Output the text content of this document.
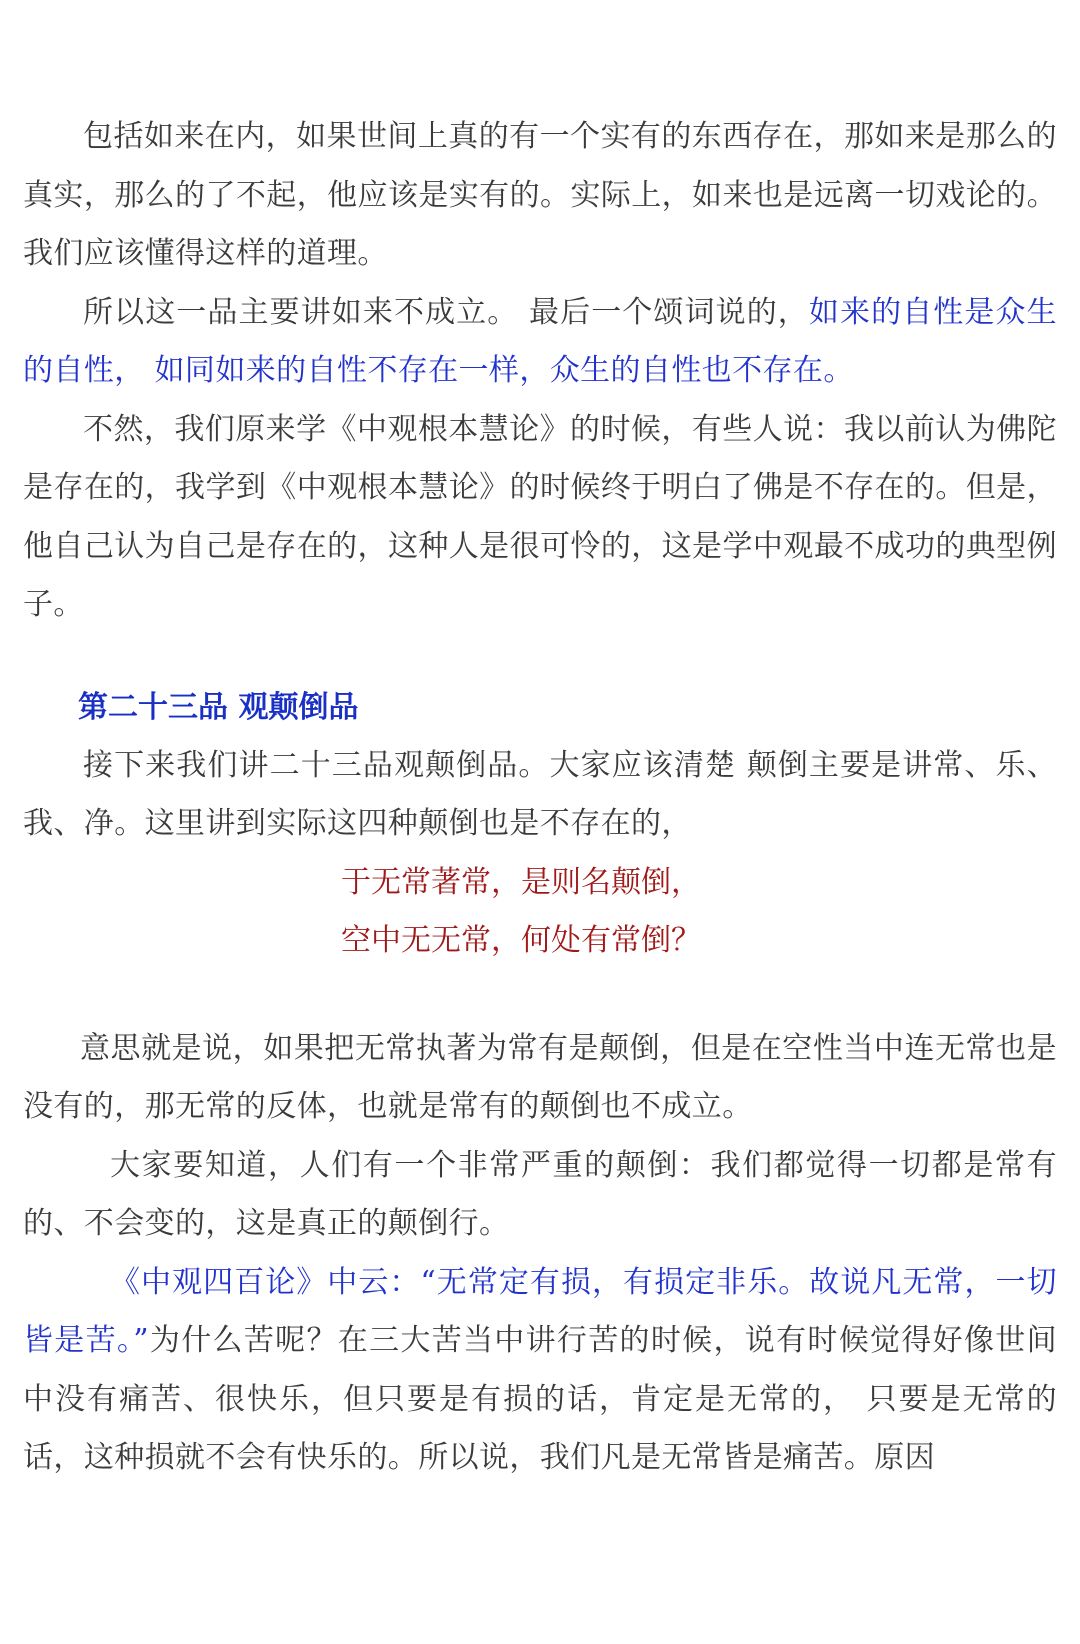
包括如来在内，如果世间上真的有一个实有的东西存在，那如来是那么的真实，那么的了不起，他应该是实有的。实际上，如来也是远离一切戏论的。我们应该懂得这样的道理。

所以这一品主要讲如来不成立。 最后一个颂词说的，如来的自性是众生的自性， 如同如来的自性不存在一样，众生的自性也不存在。

不然，我们原来学《中观根本慧论》的时候，有些人说：我以前认为佛陀是存在的，我学到《中观根本慧论》的时候终于明白了佛是不存在的。但是，他自己认为自己是存在的，这种人是很可怜的，这是学中观最不成功的典型例子。

第二十三品 观颠倒品

接下来我们讲二十三品观颠倒品。大家应该清楚 颠倒主要是讲常、乐、我、净。这里讲到实际这四种颠倒也是不存在的，

于无常著常，是则名颠倒，

空中无无常，何处有常倒？

意思就是说，如果把无常执著为常有是颠倒，但是在空性当中连无常也是没有的，那无常的反体，也就是常有的颠倒也不成立。

大家要知道，人们有一个非常严重的颠倒：我们都觉得一切都是常有的、不会变的，这是真正的颠倒行。

《中观四百论》中云：“无常定有损，有损定非乐。故说凡无常，一切皆是苦。”为什么苦呢？在三大苦当中讲行苦的时候，说有时候觉得好像世间中没有痛苦、很快乐，但只要是有损的话，肯定是无常的， 只要是无常的话，这种损就不会有快乐的。所以说，我们凡是无常皆是痛苦。原因
